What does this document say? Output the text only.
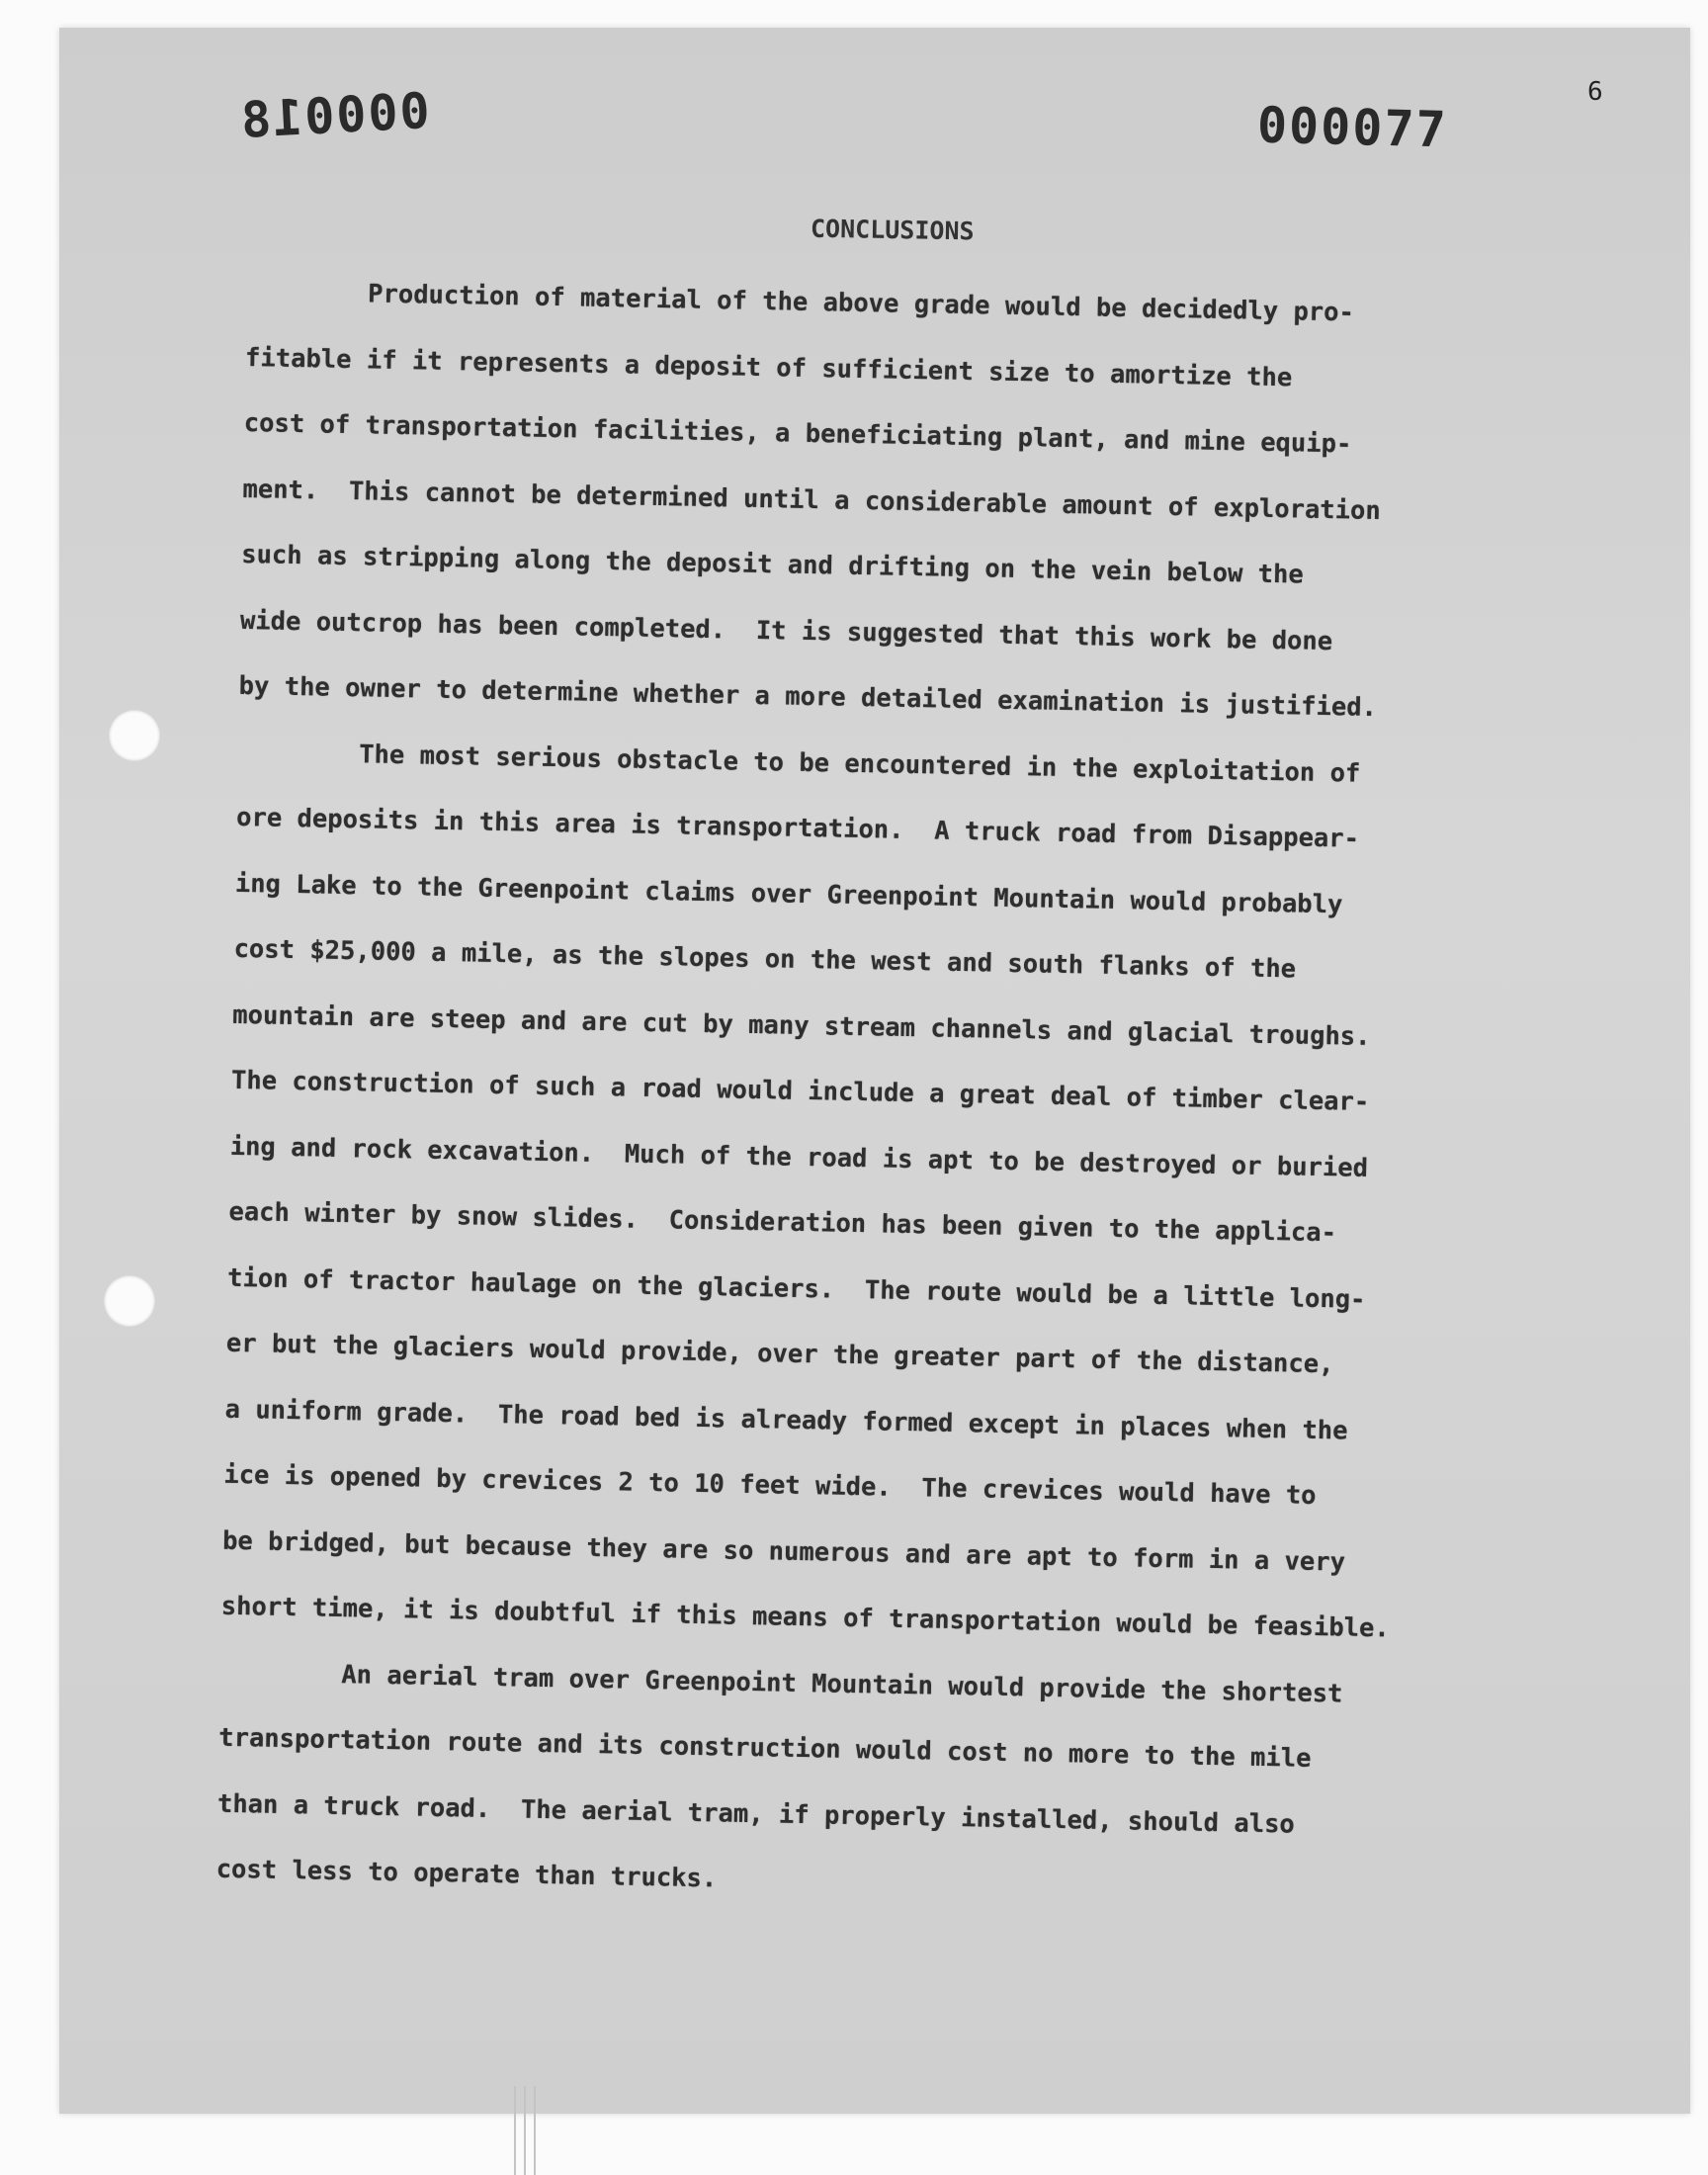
000018	000077
6
CONCLUSIONS

Production of material of the above grade would be decidedly pro-
fitable if it represents a deposit of sufficient size to amortize the
cost of transportation facilities, a beneficiating plant, and mine equip-
ment.  This cannot be determined until a considerable amount of exploration
such as stripping along the deposit and drifting on the vein below the
wide outcrop has been completed.  It is suggested that this work be done
by the owner to determine whether a more detailed examination is justified.

The most serious obstacle to be encountered in the exploitation of
ore deposits in this area is transportation.  A truck road from Disappear-
ing Lake to the Greenpoint claims over Greenpoint Mountain would probably
cost $25,000 a mile, as the slopes on the west and south flanks of the
mountain are steep and are cut by many stream channels and glacial troughs.
The construction of such a road would include a great deal of timber clear-
ing and rock excavation.  Much of the road is apt to be destroyed or buried
each winter by snow slides.  Consideration has been given to the applica-
tion of tractor haulage on the glaciers.  The route would be a little long-
er but the glaciers would provide, over the greater part of the distance,
a uniform grade.  The road bed is already formed except in places when the
ice is opened by crevices 2 to 10 feet wide.  The crevices would have to
be bridged, but because they are so numerous and are apt to form in a very
short time, it is doubtful if this means of transportation would be feasible.

An aerial tram over Greenpoint Mountain would provide the shortest
transportation route and its construction would cost no more to the mile
than a truck road.  The aerial tram, if properly installed, should also
cost less to operate than trucks.
